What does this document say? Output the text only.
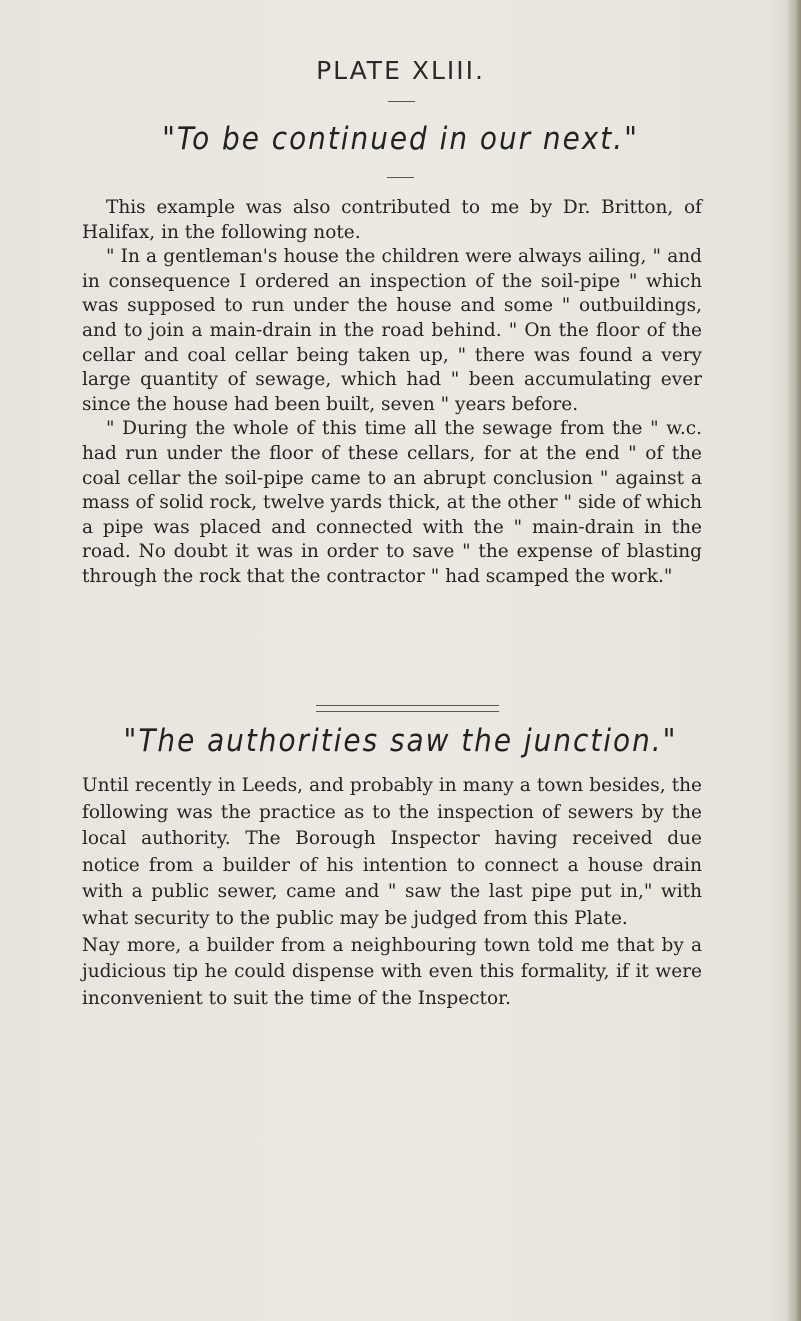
PLATE XLIII.
"To be continued in our next."

This example was also contributed to me by Dr. Britton, of Halifax, in the following note.

" In a gentleman's house the children were always ailing, " and in consequence I ordered an inspection of the soil-pipe " which was supposed to run under the house and some " outbuildings, and to join a main-drain in the road behind. " On the floor of the cellar and coal cellar being taken up, " there was found a very large quantity of sewage, which had " been accumulating ever since the house had been built, seven " years before.

" During the whole of this time all the sewage from the " w.c. had run under the floor of these cellars, for at the end " of the coal cellar the soil-pipe came to an abrupt conclusion " against a mass of solid rock, twelve yards thick, at the other " side of which a pipe was placed and connected with the " main-drain in the road. No doubt it was in order to save " the expense of blasting through the rock that the contractor " had scamped the work."

"The authorities saw the junction."

Until recently in Leeds, and probably in many a town besides, the following was the practice as to the inspection of sewers by the local authority. The Borough Inspector having received due notice from a builder of his intention to connect a house drain with a public sewer, came and " saw the last pipe put in," with what security to the public may be judged from this Plate.

Nay more, a builder from a neighbouring town told me that by a judicious tip he could dispense with even this formality, if it were inconvenient to suit the time of the Inspector.
